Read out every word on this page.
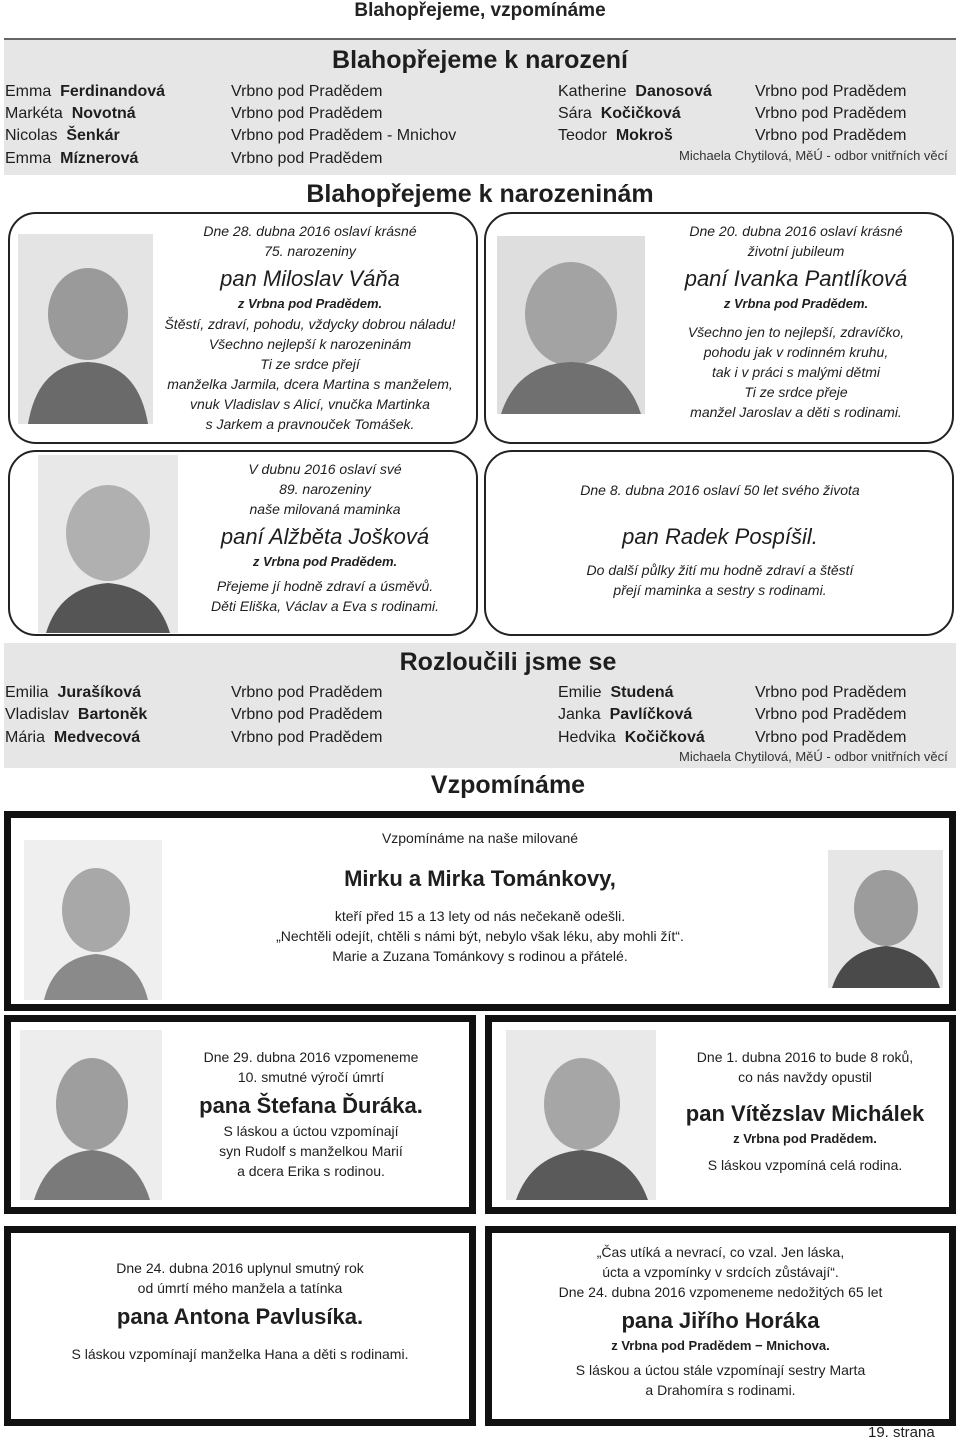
Blahopřejeme, vzpomínáme
Blahopřejeme k narození
Emma Ferdinandová	Vrbno pod Pradědem
Markéta Novotná	Vrbno pod Pradědem
Nicolas Šenkár	Vrbno pod Pradědem - Mnichov
Emma Míznerová	Vrbno pod Pradědem
Katherine Danosová	Vrbno pod Pradědem
Sára Kočičková	Vrbno pod Pradědem
Teodor Mokroš	Vrbno pod Pradědem
Michaela Chytilová, MěÚ - odbor vnitřních věcí
Blahopřejeme k narozeninám
Dne 28. dubna 2016 oslaví krásné
75. narozeniny
pan Miloslav Váňa
z Vrbna pod Pradědem.
Štěstí, zdraví, pohodu, vždycky dobrou náladu!
Všechno nejlepší k narozeninám
Ti ze srdce přejí
manželka Jarmila, dcera Martina s manželem,
vnuk Vladislav s Alicí, vnučka Martinka
s Jarkem a pravnouček Tomášek.
Dne 20. dubna 2016 oslaví krásné
životní jubileum
paní Ivanka Pantlíková
z Vrbna pod Pradědem.
Všechno jen to nejlepší, zdravíčko,
pohodu jak v rodinném kruhu,
tak i v práci s malými dětmi
Ti ze srdce přeje
manžel Jaroslav a děti s rodinami.
V dubnu 2016 oslaví své
89. narozeniny
naše milovaná maminka
paní Alžběta Jošková
z Vrbna pod Pradědem.
Přejeme jí hodně zdraví a úsměvů.
Děti Eliška, Václav a Eva s rodinami.
Dne 8. dubna 2016 oslaví 50 let svého života
pan Radek Pospíšil.
Do další půlky žití mu hodně zdraví a štěstí
přejí maminka a sestry s rodinami.
Rozloučili jsme se
Emilia Jurašíková	Vrbno pod Pradědem
Vladislav Bartoněk	Vrbno pod Pradědem
Mária Medvecová	Vrbno pod Pradědem
Emilie Studená	Vrbno pod Pradědem
Janka Pavlíčková	Vrbno pod Pradědem
Hedvika Kočičková	Vrbno pod Pradědem
Michaela Chytilová, MěÚ - odbor vnitřních věcí
Vzpomínáme
Vzpomínáme na naše milované
Mirku a Mirka Tománkovy,
kteří před 15 a 13 lety od nás nečekaně odešli.
„Nechtěli odejít, chtěli s námi být, nebylo však léku, aby mohli žít“.
Marie a Zuzana Tománkovy s rodinou a přátelé.
Dne 29. dubna 2016 vzpomeneme
10. smutné výročí úmrtí
pana Štefana Ďuráka.
S láskou a úctou vzpomínají
syn Rudolf s manželkou Marií
a dcera Erika s rodinou.
Dne 1. dubna 2016 to bude 8 roků,
co nás navždy opustil
pan Vítězslav Michálek
z Vrbna pod Pradědem.
S láskou vzpomíná celá rodina.
Dne 24. dubna 2016 uplynul smutný rok
od úmrtí mého manžela a tatínka
pana Antona Pavlusíka.
S láskou vzpomínají manželka Hana a děti s rodinami.
„Čas utíká a nevrací, co vzal. Jen láska,
úcta a vzpomínky v srdcích zůstávají“.
Dne 24. dubna 2016 vzpomeneme nedožitých 65 let
pana Jiřího Horáka
z Vrbna pod Pradědem − Mnichova.
S láskou a úctou stále vzpomínají sestry Marta
a Drahomíra s rodinami.
19. strana
